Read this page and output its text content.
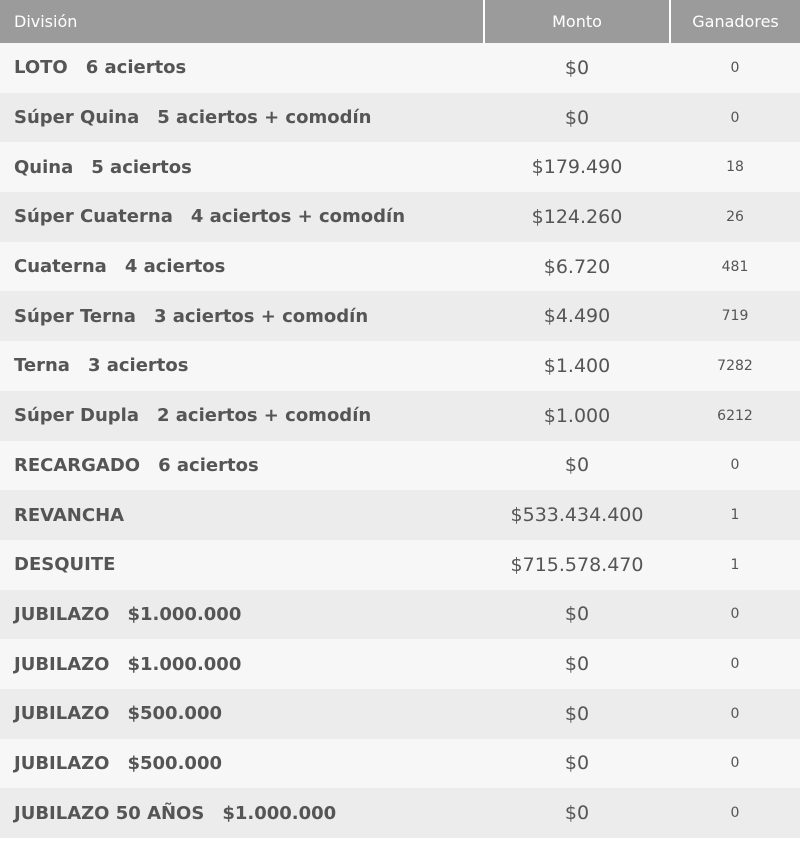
División	Monto	Ganadores
LOTO 6 aciertos	$0	0
Súper Quina 5 aciertos + comodín	$0	0
Quina 5 aciertos	$179.490	18
Súper Cuaterna 4 aciertos + comodín	$124.260	26
Cuaterna 4 aciertos	$6.720	481
Súper Terna 3 aciertos + comodín	$4.490	719
Terna 3 aciertos	$1.400	7282
Súper Dupla 2 aciertos + comodín	$1.000	6212
RECARGADO 6 aciertos	$0	0
REVANCHA	$533.434.400	1
DESQUITE	$715.578.470	1
JUBILAZO $1.000.000	$0	0
JUBILAZO $1.000.000	$0	0
JUBILAZO $500.000	$0	0
JUBILAZO $500.000	$0	0
JUBILAZO 50 AÑOS $1.000.000	$0	0
